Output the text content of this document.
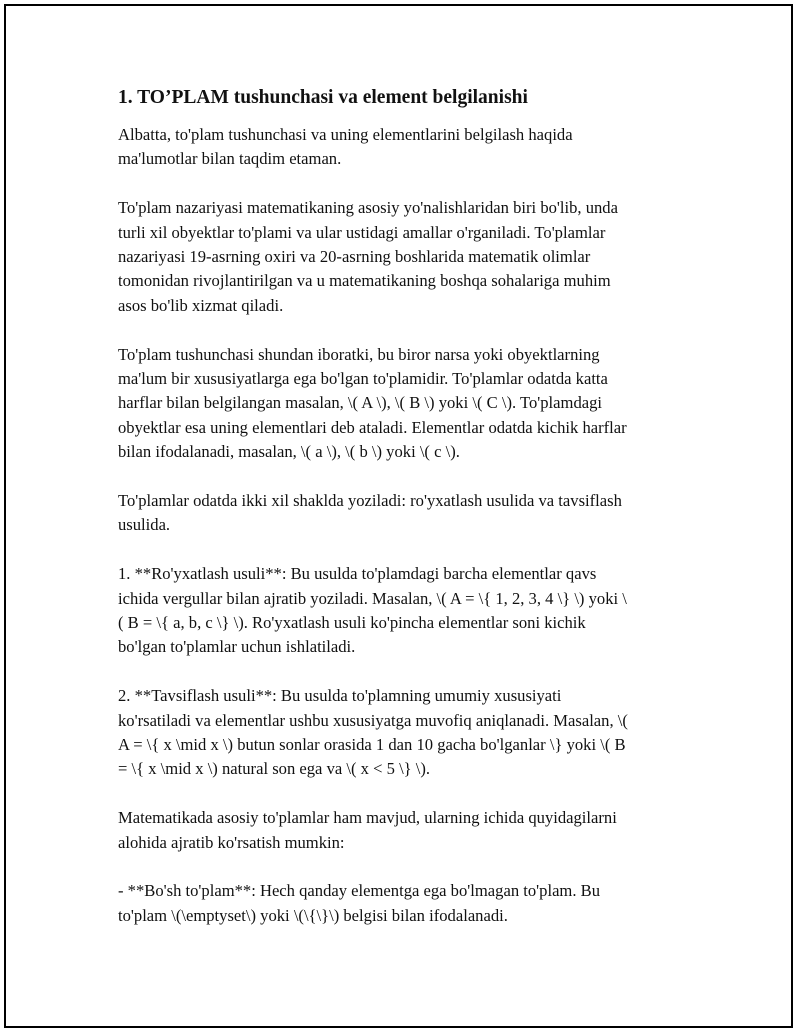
1. TO’PLAM tushunchasi va element belgilanishi

Albatta, to'plam tushunchasi va uning elementlarini belgilash haqida
ma'lumotlar bilan taqdim etaman.

To'plam nazariyasi matematikaning asosiy yo'nalishlaridan biri bo'lib, unda
turli xil obyektlar to'plami va ular ustidagi amallar o'rganiladi. To'plamlar
nazariyasi 19-asrning oxiri va 20-asrning boshlarida matematik olimlar
tomonidan rivojlantirilgan va u matematikaning boshqa sohalariga muhim
asos bo'lib xizmat qiladi.

To'plam tushunchasi shundan iboratki, bu biror narsa yoki obyektlarning
ma'lum bir xususiyatlarga ega bo'lgan to'plamidir. To'plamlar odatda katta
harflar bilan belgilangan masalan, \( A \), \( B \) yoki \( C \). To'plamdagi
obyektlar esa uning elementlari deb ataladi. Elementlar odatda kichik harflar
bilan ifodalanadi, masalan, \( a \), \( b \) yoki \( c \).

To'plamlar odatda ikki xil shaklda yoziladi: ro'yxatlash usulida va tavsiflash
usulida.

1. **Ro'yxatlash usuli**: Bu usulda to'plamdagi barcha elementlar qavs
ichida vergullar bilan ajratib yoziladi. Masalan, \( A = \{ 1, 2, 3, 4 \} \) yoki \
( B = \{ a, b, c \} \). Ro'yxatlash usuli ko'pincha elementlar soni kichik
bo'lgan to'plamlar uchun ishlatiladi.

2. **Tavsiflash usuli**: Bu usulda to'plamning umumiy xususiyati
ko'rsatiladi va elementlar ushbu xususiyatga muvofiq aniqlanadi. Masalan, \(
A = \{ x \mid x \) butun sonlar orasida 1 dan 10 gacha bo'lganlar \} yoki \( B
= \{ x \mid x \) natural son ega va \( x < 5 \} \).

Matematikada asosiy to'plamlar ham mavjud, ularning ichida quyidagilarni
alohida ajratib ko'rsatish mumkin:

- **Bo'sh to'plam**: Hech qanday elementga ega bo'lmagan to'plam. Bu
to'plam \(\emptyset\) yoki \(\{\}\) belgisi bilan ifodalanadi.
